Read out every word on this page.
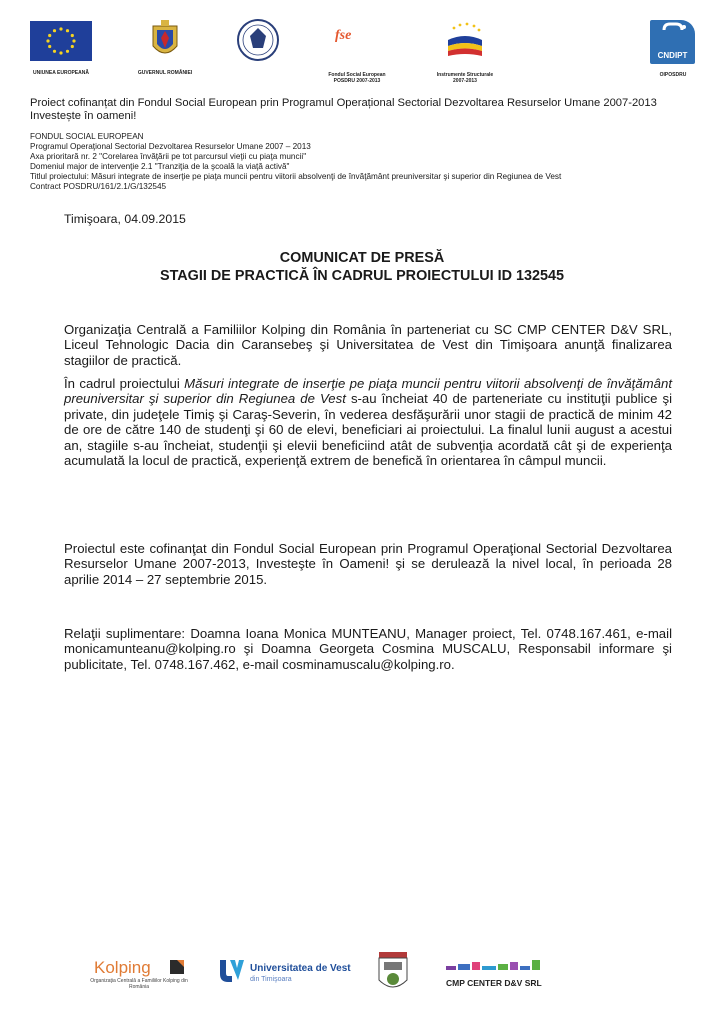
UNIUNEA EUROPEANĂ	GUVERNUL ROMÂNIEI
fse
Fondul Social European
POSDRU 2007-2013
Instrumente Structurale
2007-2013
CNDIPT
OIPOSDRU
Proiect cofinanțat din Fondul Social European prin Programul Operațional Sectorial Dezvoltarea Resurselor Umane 2007-2013 Investește în oameni!
FONDUL SOCIAL EUROPEAN
Programul Operaţional Sectorial Dezvoltarea Resurselor Umane 2007 – 2013
Axa prioritară nr. 2 "Corelarea învăţării pe tot parcursul vieţii cu piaţa muncii"
Domeniul major de intervenţie 2.1 "Tranziţia de la şcoală la viaţă activă"
Titlul proiectului: Măsuri integrate de inserţie pe piaţa muncii pentru viitorii absolvenţi de învăţământ preuniversitar şi superior din Regiunea de Vest
Contract POSDRU/161/2.1/G/132545
Timişoara, 04.09.2015
COMUNICAT DE PRESĂ
STAGII DE PRACTICĂ ÎN CADRUL PROIECTULUI ID 132545
Organizaţia Centrală a Familiilor Kolping din România în parteneriat cu SC CMP CENTER D&V SRL, Liceul Tehnologic Dacia din Caransebeş şi Universitatea de Vest din Timişoara anunţă finalizarea stagiilor de practică.
În cadrul proiectului Măsuri integrate de inserţie pe piaţa muncii pentru viitorii absolvenţi de învăţământ preuniversitar şi superior din Regiunea de Vest s-au încheiat 40 de parteneriate cu instituţii publice şi private, din judeţele Timiş şi Caraş-Severin, în vederea desfăşurării unor stagii de practică de minim 42 de ore de către 140 de studenţi şi 60 de elevi, beneficiari ai proiectului. La finalul lunii august a acestui an, stagiile s-au încheiat, studenţii şi elevii beneficiind atât de subvenţia acordată cât şi de experienţa acumulată la locul de practică, experienţă extrem de benefică în orientarea în câmpul muncii.
Proiectul este cofinanţat din Fondul Social European prin Programul Operaţional Sectorial Dezvoltarea Resurselor Umane 2007-2013, Investeşte în Oameni! şi se derulează la nivel local, în perioada 28 aprilie 2014 – 27 septembrie 2015.
Relaţii suplimentare: Doamna Ioana Monica MUNTEANU, Manager proiect, Tel. 0748.167.461, e-mail monicamunteanu@kolping.ro şi Doamna Georgeta Cosmina MUSCALU, Responsabil informare şi publicitate, Tel. 0748.167.462, e-mail cosminamuscalu@kolping.ro.
Kolping
Organizaţia Centrală a Familiilor Kolping din România
Universitatea de Vest
din Timişoara	CMP CENTER D&V SRL
